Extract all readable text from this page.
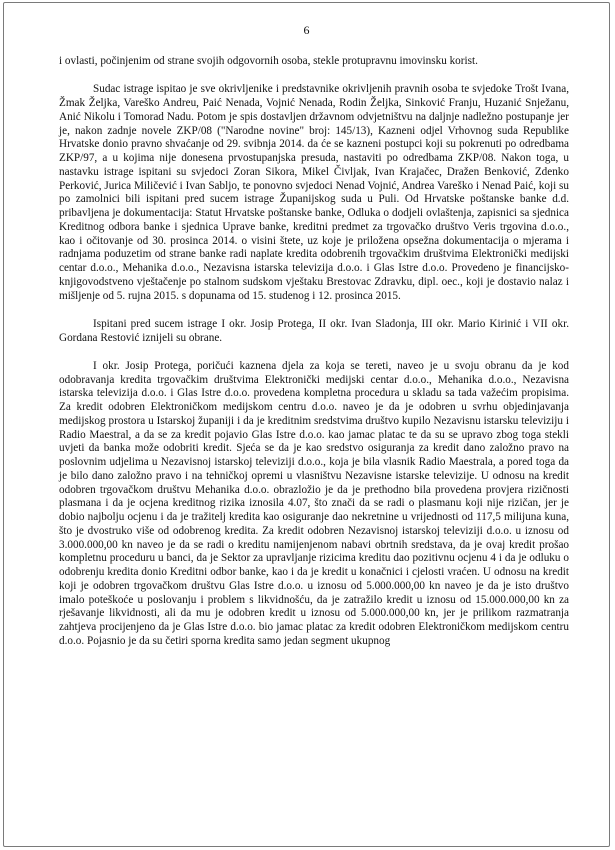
6

i ovlasti, počinjenim od strane svojih odgovornih osoba, stekle protupravnu imovinsku korist.

Sudac istrage ispitao je sve okrivljenike i predstavnike okrivljenih pravnih osoba te svjedoke Trošt Ivana, Žmak Željka, Vareško Andreu, Paić Nenada, Vojnić Nenada, Rodin Željka, Sinković Franju, Huzanić Snježanu, Anić Nikolu i Tomorad Nadu. Potom je spis dostavljen državnom odvjetništvu na daljnje nadležno postupanje jer je, nakon zadnje novele ZKP/08 ("Narodne novine" broj: 145/13), Kazneni odjel Vrhovnog suda Republike Hrvatske donio pravno shvaćanje od 29. svibnja 2014. da će se kazneni postupci koji su pokrenuti po odredbama ZKP/97, a u kojima nije donesena prvostupanjska presuda, nastaviti po odredbama ZKP/08. Nakon toga, u nastavku istrage ispitani su svjedoci Zoran Sikora, Mikel Čivljak, Ivan Krajačec, Dražen Benković, Zdenko Perković, Jurica Miličević i Ivan Sabljo, te ponovno svjedoci Nenad Vojnić, Andrea Vareško i Nenad Paić, koji su po zamolnici bili ispitani pred sucem istrage Županijskog suda u Puli. Od Hrvatske poštanske banke d.d. pribavljena je dokumentacija: Statut Hrvatske poštanske banke, Odluka o dodjeli ovlaštenja, zapisnici sa sjednica Kreditnog odbora banke i sjednica Uprave banke, kreditni predmet za trgovačko društvo Veris trgovina d.o.o., kao i očitovanje od 30. prosinca 2014. o visini štete, uz koje je priložena opsežna dokumentacija o mjerama i radnjama poduzetim od strane banke radi naplate kredita odobrenih trgovačkim društvima Elektronički medijski centar d.o.o., Mehanika d.o.o., Nezavisna istarska televizija d.o.o. i Glas Istre d.o.o. Provedeno je financijsko-knjigovodstveno vještačenje po stalnom sudskom vještaku Brestovac Zdravku, dipl. oec., koji je dostavio nalaz i mišljenje od 5. rujna 2015. s dopunama od 15. studenog i 12. prosinca 2015.

Ispitani pred sucem istrage I okr. Josip Protega, II okr. Ivan Sladonja, III okr. Mario Kirinić i VII okr. Gordana Restović iznijeli su obrane.

I okr. Josip Protega, poričući kaznena djela za koja se tereti, naveo je u svoju obranu da je kod odobravanja kredita trgovačkim društvima Elektronički medijski centar d.o.o., Mehanika d.o.o., Nezavisna istarska televizija d.o.o. i Glas Istre d.o.o. provedena kompletna procedura u skladu sa tada važećim propisima. Za kredit odobren Elektroničkom medijskom centru d.o.o. naveo je da je odobren u svrhu objedinjavanja medijskog prostora u Istarskoj županiji i da je kreditnim sredstvima društvo kupilo Nezavisnu istarsku televiziju i Radio Maestral, a da se za kredit pojavio Glas Istre d.o.o. kao jamac platac te da su se upravo zbog toga stekli uvjeti da banka može odobriti kredit. Sjeća se da je kao sredstvo osiguranja za kredit dano založno pravo na poslovnim udjelima u Nezavisnoj istarskoj televiziji d.o.o., koja je bila vlasnik Radio Maestrala, a pored toga da je bilo dano založno pravo i na tehničkoj opremi u vlasništvu Nezavisne istarske televizije. U odnosu na kredit odobren trgovačkom društvu Mehanika d.o.o. obrazložio je da je prethodno bila provedena provjera rizičnosti plasmana i da je ocjena kreditnog rizika iznosila 4.07, što znači da se radi o plasmanu koji nije rizičan, jer je dobio najbolju ocjenu i da je tražitelj kredita kao osiguranje dao nekretnine u vrijednosti od 117,5 milijuna kuna, što je dvostruko više od odobrenog kredita. Za kredit odobren Nezavisnoj istarskoj televiziji d.o.o. u iznosu od 3.000.000,00 kn naveo je da se radi o kreditu namijenjenom nabavi obrtnih sredstava, da je ovaj kredit prošao kompletnu proceduru u banci, da je Sektor za upravljanje rizicima kreditu dao pozitivnu ocjenu 4 i da je odluku o odobrenju kredita donio Kreditni odbor banke, kao i da je kredit u konačnici i cjelosti vraćen. U odnosu na kredit koji je odobren trgovačkom društvu Glas Istre d.o.o. u iznosu od 5.000.000,00 kn naveo je da je isto društvo imalo poteškoće u poslovanju i problem s likvidnošću, da je zatražilo kredit u iznosu od 15.000.000,00 kn za rješavanje likvidnosti, ali da mu je odobren kredit u iznosu od 5.000.000,00 kn, jer je prilikom razmatranja zahtjeva procijenjeno da je Glas Istre d.o.o. bio jamac platac za kredit odobren Elektroničkom medijskom centru d.o.o. Pojasnio je da su četiri sporna kredita samo jedan segment ukupnog
